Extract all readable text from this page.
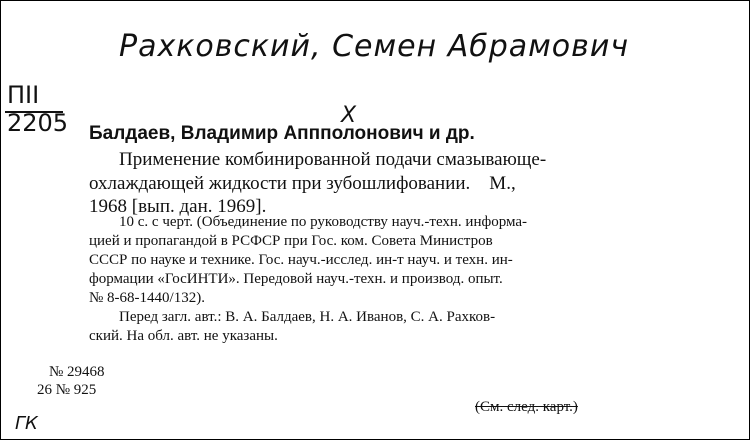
Рахковский, Семен Абрамович
ПII
2205	Х
Балдаев, Владимир Аппполонович и др.
Применение комбинированной подачи смазывающе-
охлаждающей жидкости при зубошлифовании.    М.,
1968 [вып. дан. 1969].
10 с. с черт. (Объединение по руководству науч.-техн. информа-
цией и пропагандой в РСФСР при Гос. ком. Совета Министров
СССР по науке и технике. Гос. науч.-исслед. ин-т науч. и техн. ин-
формации «ГосИНТИ». Передовой науч.-техн. и производ. опыт.
№ 8-68-1440/132).
Перед загл. авт.: В. А. Балдаев, Н. А. Иванов, С. А. Рахков-
ский. На обл. авт. не указаны.
№ 29468
26 № 925
(См. след. карт.)
ГК
